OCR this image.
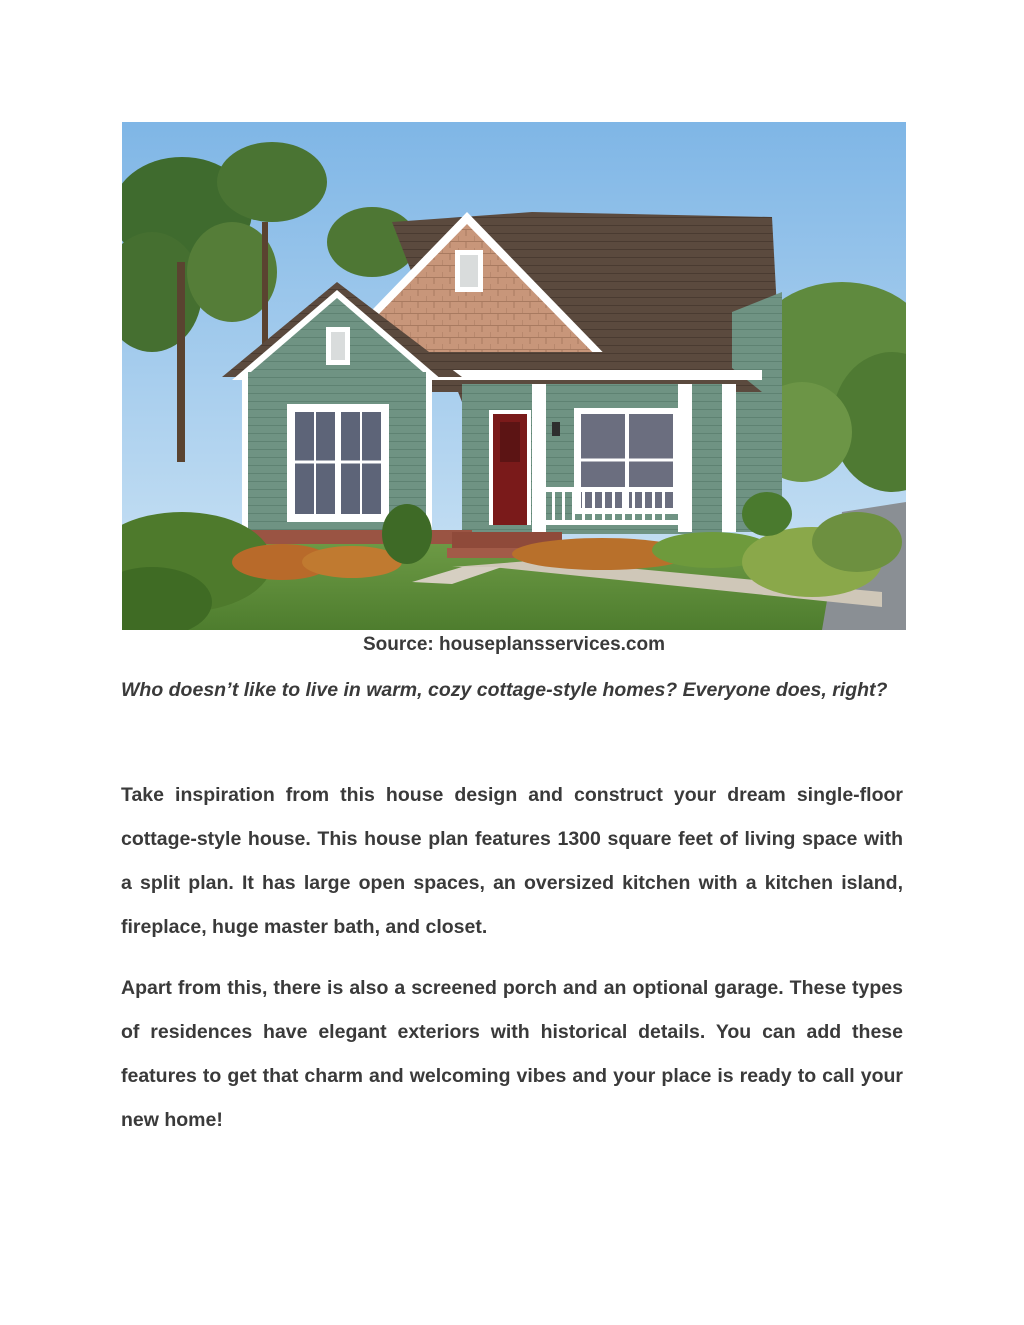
Source: houseplansservices.com

Who doesn’t like to live in warm, cozy cottage-style homes? Everyone does, right?

Take inspiration from this house design and construct your dream single-floor cottage-style house. This house plan features 1300 square feet of living space with a split plan. It has large open spaces, an oversized kitchen with a kitchen island, fireplace, huge master bath, and closet.

Apart from this, there is also a screened porch and an optional garage. These types of residences have elegant exteriors with historical details. You can add these features to get that charm and welcoming vibes and your place is ready to call your new home!
